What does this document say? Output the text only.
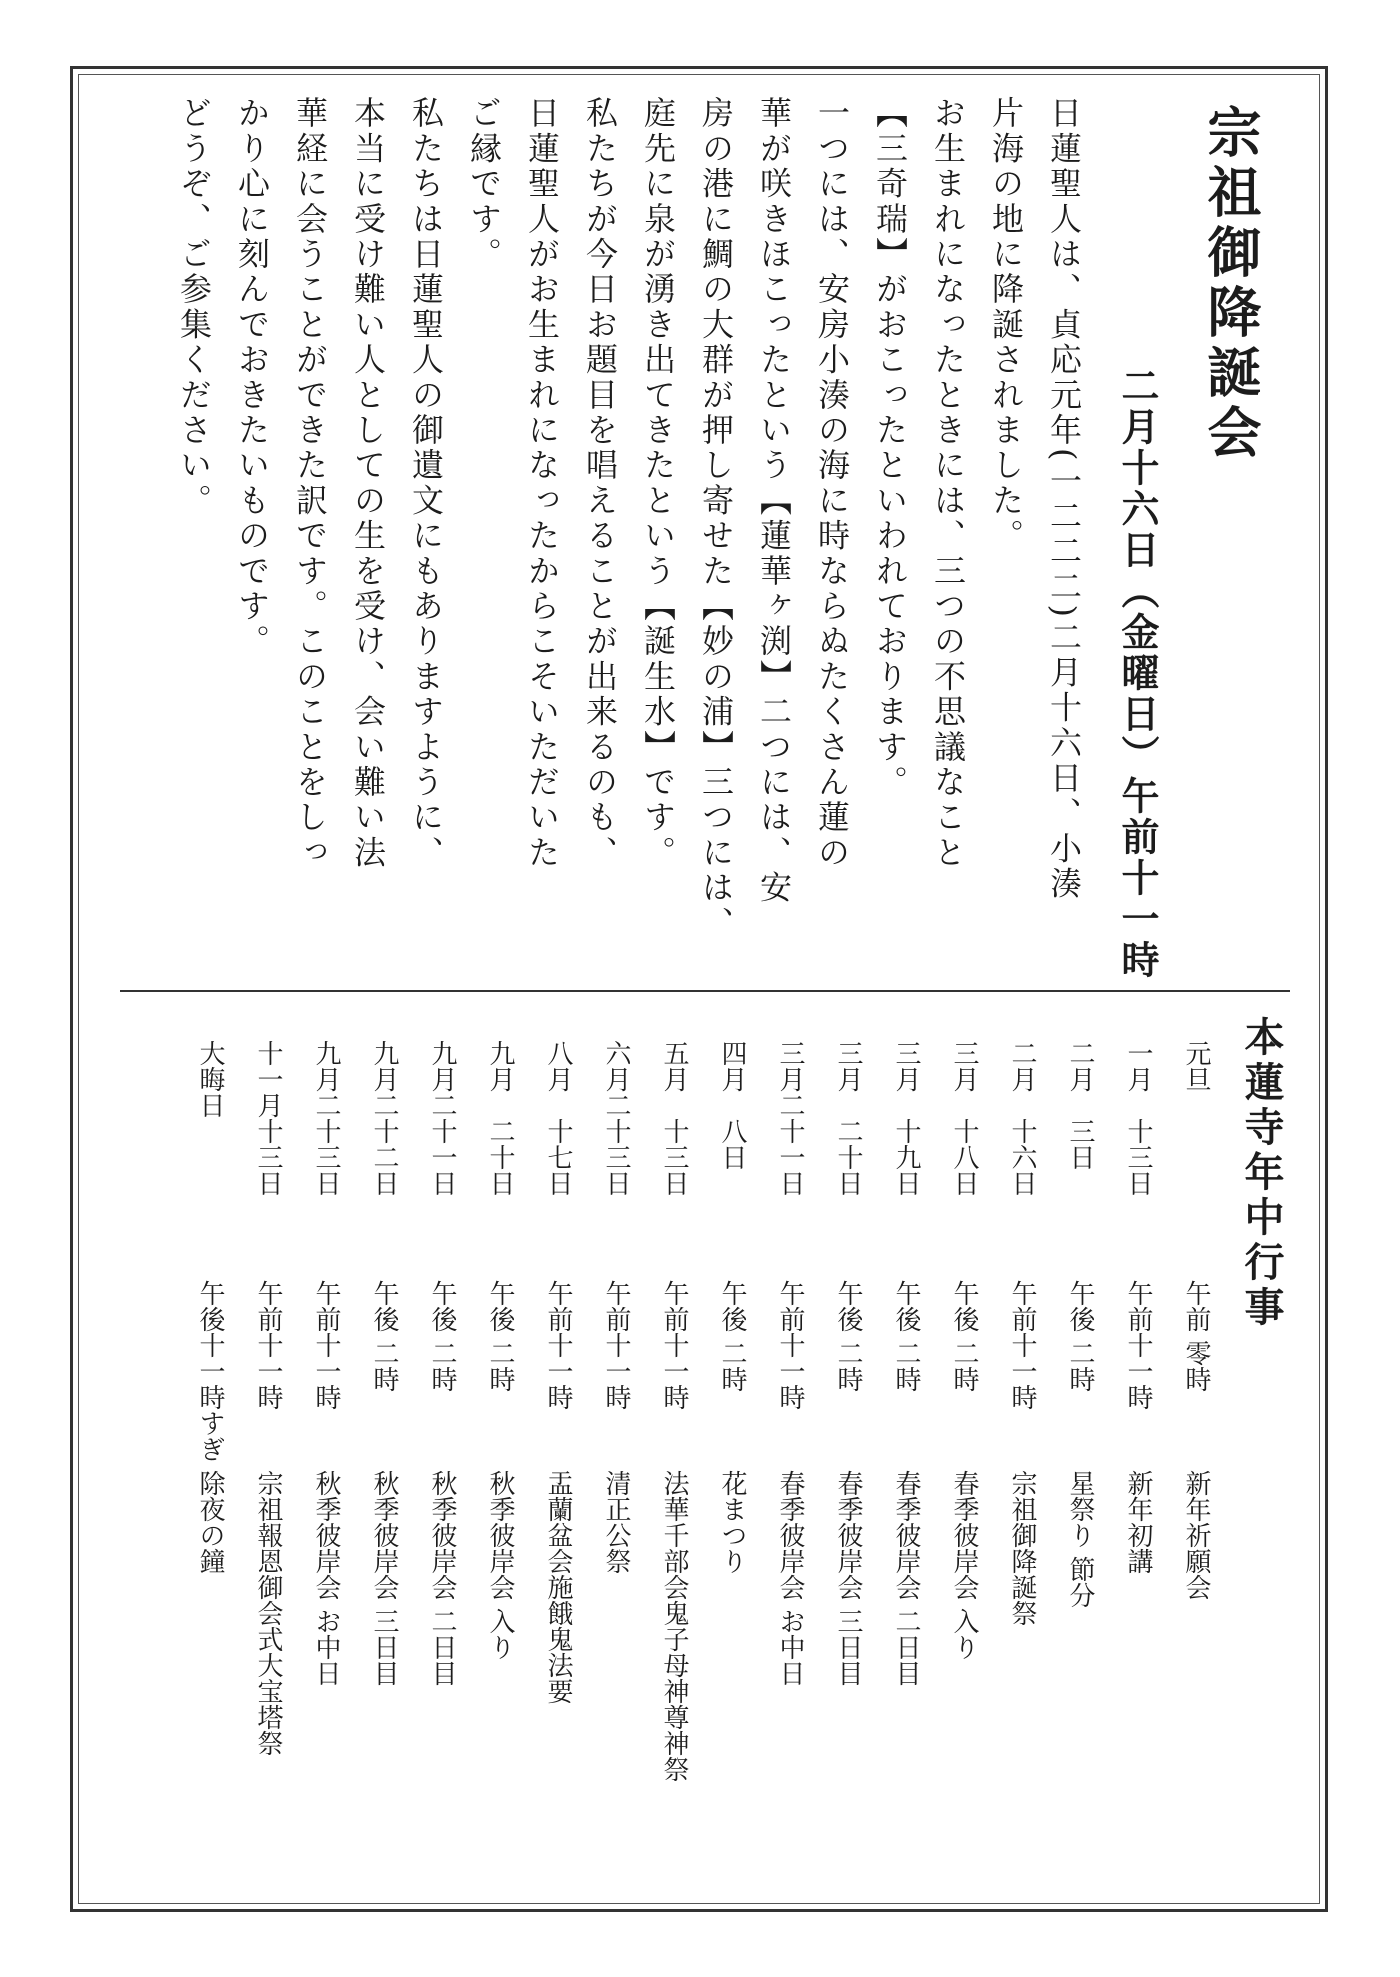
宗祖御降誕会
二月十六日（金曜日）午前十一時
日蓮聖人は、貞応元年(一二二二)二月十六日、小湊
片海の地に降誕されました。
お生まれになったときには、三つの不思議なこと
【三奇瑞】がおこったといわれております。
一つには、安房小湊の海に時ならぬたくさん蓮の
華が咲きほこったという【蓮華ヶ渕】二つには、安
房の港に鯛の大群が押し寄せた【妙の浦】三つには、
庭先に泉が湧き出てきたという【誕生水】です。
私たちが今日お題目を唱えることが出来るのも、
日蓮聖人がお生まれになったからこそいただいた
ご縁です。
私たちは日蓮聖人の御遺文にもありますように、
本当に受け難い人としての生を受け、会い難い法
華経に会うことができた訳です。このことをしっ
かり心に刻んでおきたいものです。
どうぞ、ご参集ください。
本蓮寺年中行事
元旦
午前 零時
新年祈願会
一月　十三日
午前十一時
新年初講
二月　三日
午後 二時
星祭り 節分
二月　十六日
午前十一時
宗祖御降誕祭
三月　十八日
午後 二時
春季彼岸会 入り
三月　十九日
午後 二時
春季彼岸会 二日目
三月　二十日
午後 二時
春季彼岸会 三日目
三月二十一日
午前十一時
春季彼岸会 お中日
四月　八日
午後 二時
花まつり
五月　十三日
午前十一時
法華千部会鬼子母神尊神祭
六月二十三日
午前十一時
清正公祭
八月　十七日
午前十一時
盂蘭盆会施餓鬼法要
九月　二十日
午後 二時
秋季彼岸会 入り
九月二十一日
午後 二時
秋季彼岸会 二日目
九月二十二日
午後 二時
秋季彼岸会 三日目
九月二十三日
午前十一時
秋季彼岸会 お中日
十一月十三日
午前十一時
宗祖報恩御会式大宝塔祭
大晦日
午後十一時すぎ
除夜の鐘
